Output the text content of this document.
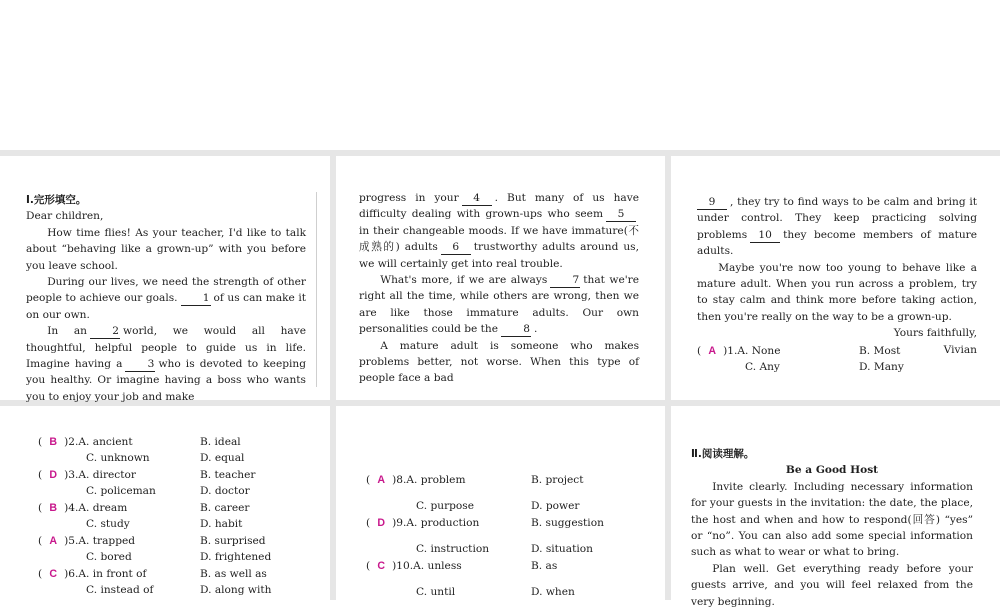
Ⅰ.完形填空。

Dear children,

How time flies! As your teacher, I'd like to talk about “behaving like a grown-up” with you before you leave school.

During our lives, we need the strength of other people to achieve our goals. 1 of us can make it on our own.

In an 2 world, we would all have thoughtful, helpful people to guide us in life. Imagine having a 3 who is devoted to keeping you healthy. Or imagine having a boss who wants you to enjoy your job and make

progress in your 4 . But many of us have difficulty dealing with grown-ups who seem 5in their changeable moods. If we have immature(不成熟的) adults 6 trustworthy adults around us, we will certainly get into real trouble.

What's more, if we are always 7 that we're right all the time, while others are wrong, then we are like those immature adults. Our own personalities could be the 8 .

A mature adult is someone who makes problems better, not worse. When this type of people face a bad

9 , they try to find ways to be calm and bring it under control. They keep practicing solving problems 10 they become members of mature adults.

Maybe you're now too young to behave like a mature adult. When you run across a problem, try to stay calm and think more before taking action, then you're really on the way to be a grown-up.

Yours faithfully,

Vivian

( A )1.A. None	B. Most
C. Any	D. Many
( B )2.A. ancient	B. ideal
C. unknown	D. equal
( D )3.A. director	B. teacher
C. policeman	D. doctor
( B )4.A. dream	B. career
C. study	D. habit
( A )5.A. trapped	B. surprised
C. bored	D. frightened
( C )6.A. in front of	B. as well as
C. instead of	D. along with
( A )8.A. problem	B. project
C. purpose	D. power
( D )9.A. production	B. suggestion
C. instruction	D. situation
( C )10.A. unless	B. as
C. until	D. when

Ⅱ.阅读理解。

Be a Good Host

Invite clearly. Including necessary information for your guests in the invitation: the date, the place, the host and when and how to respond(回答) “yes” or “no”. You can also add some special information such as what to wear or what to bring.

Plan well. Get everything ready before your guests arrive, and you will feel relaxed from the very beginning.
